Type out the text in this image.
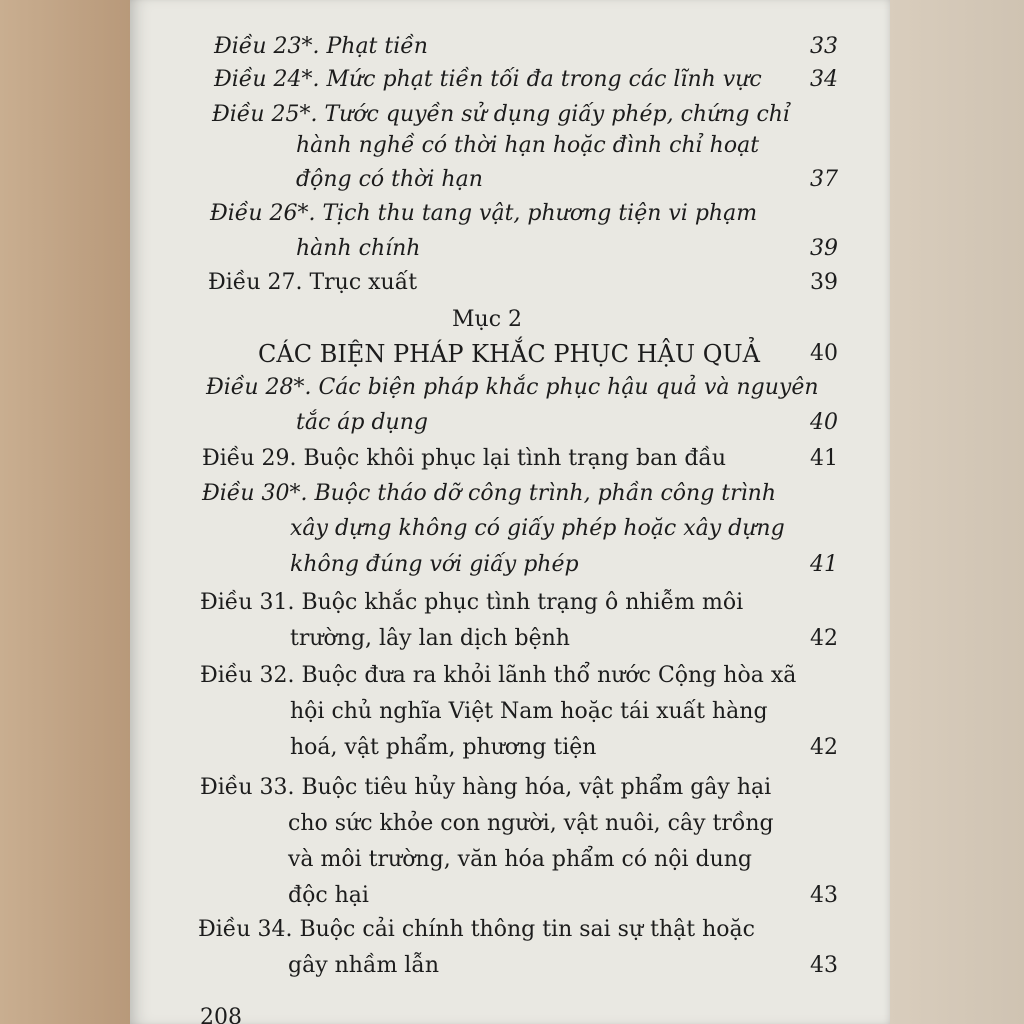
Điều 23*. Phạt tiền	33
Điều 24*. Mức phạt tiền tối đa trong các lĩnh vực 34
Điều 25*. Tước quyền sử dụng giấy phép, chứng chỉ
hành nghề có thời hạn hoặc đình chỉ hoạt
động có thời hạn	37
Điều 26*. Tịch thu tang vật, phương tiện vi phạm
hành chính	39
Điều 27. Trục xuất	39
Mục 2
CÁC BIỆN PHÁP KHẮC PHỤC HẬU QUẢ 40
Điều 28*. Các biện pháp khắc phục hậu quả và nguyên
tắc áp dụng	40
Điều 29. Buộc khôi phục lại tình trạng ban đầu	41
Điều 30*. Buộc tháo dỡ công trình, phần công trình
xây dựng không có giấy phép hoặc xây dựng
không đúng với giấy phép	41
Điều 31. Buộc khắc phục tình trạng ô nhiễm môi
trường, lây lan dịch bệnh	42
Điều 32. Buộc đưa ra khỏi lãnh thổ nước Cộng hòa xã
hội chủ nghĩa Việt Nam hoặc tái xuất hàng
hoá, vật phẩm, phương tiện	42
Điều 33. Buộc tiêu hủy hàng hóa, vật phẩm gây hại
cho sức khỏe con người, vật nuôi, cây trồng
và môi trường, văn hóa phẩm có nội dung
độc hại	43
Điều 34. Buộc cải chính thông tin sai sự thật hoặc
gây nhầm lẫn	43
208
